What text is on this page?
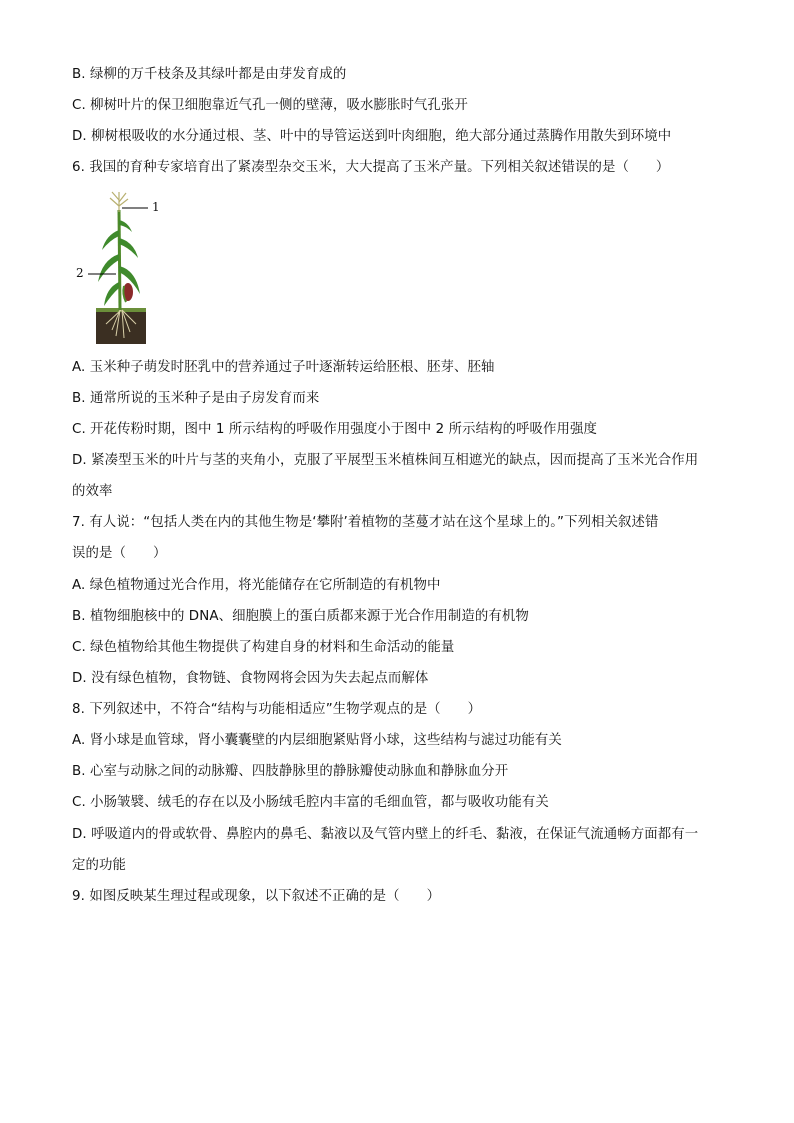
B. 绿柳的万千枝条及其绿叶都是由芽发育成的
C. 柳树叶片的保卫细胞靠近气孔一侧的壁薄，吸水膨胀时气孔张开
D. 柳树根吸收的水分通过根、茎、叶中的导管运送到叶肉细胞，绝大部分通过蒸腾作用散失到环境中
6. 我国的育种专家培育出了紧凑型杂交玉米，大大提高了玉米产量。下列相关叙述错误的是（　　）
1
2
A. 玉米种子萌发时胚乳中的营养通过子叶逐渐转运给胚根、胚芽、胚轴
B. 通常所说的玉米种子是由子房发育而来
C. 开花传粉时期，图中 1 所示结构的呼吸作用强度小于图中 2 所示结构的呼吸作用强度
D. 紧凑型玉米的叶片与茎的夹角小，克服了平展型玉米植株间互相遮光的缺点，因而提高了玉米光合作用
的效率
7. 有人说：“包括人类在内的其他生物是‘攀附’着植物的茎蔓才站在这个星球上的。”下列相关叙述错
误的是（　　）
A. 绿色植物通过光合作用，将光能储存在它所制造的有机物中
B. 植物细胞核中的 DNA、细胞膜上的蛋白质都来源于光合作用制造的有机物
C. 绿色植物给其他生物提供了构建自身的材料和生命活动的能量
D. 没有绿色植物，食物链、食物网将会因为失去起点而解体
8. 下列叙述中，不符合“结构与功能相适应”生物学观点的是（　　）
A. 肾小球是血管球，肾小囊囊壁的内层细胞紧贴肾小球，这些结构与滤过功能有关
B. 心室与动脉之间的动脉瓣、四肢静脉里的静脉瓣使动脉血和静脉血分开
C. 小肠皱襞、绒毛的存在以及小肠绒毛腔内丰富的毛细血管，都与吸收功能有关
D. 呼吸道内的骨或软骨、鼻腔内的鼻毛、黏液以及气管内壁上的纤毛、黏液，在保证气流通畅方面都有一
定的功能
9. 如图反映某生理过程或现象，以下叙述不正确的是（　　）
